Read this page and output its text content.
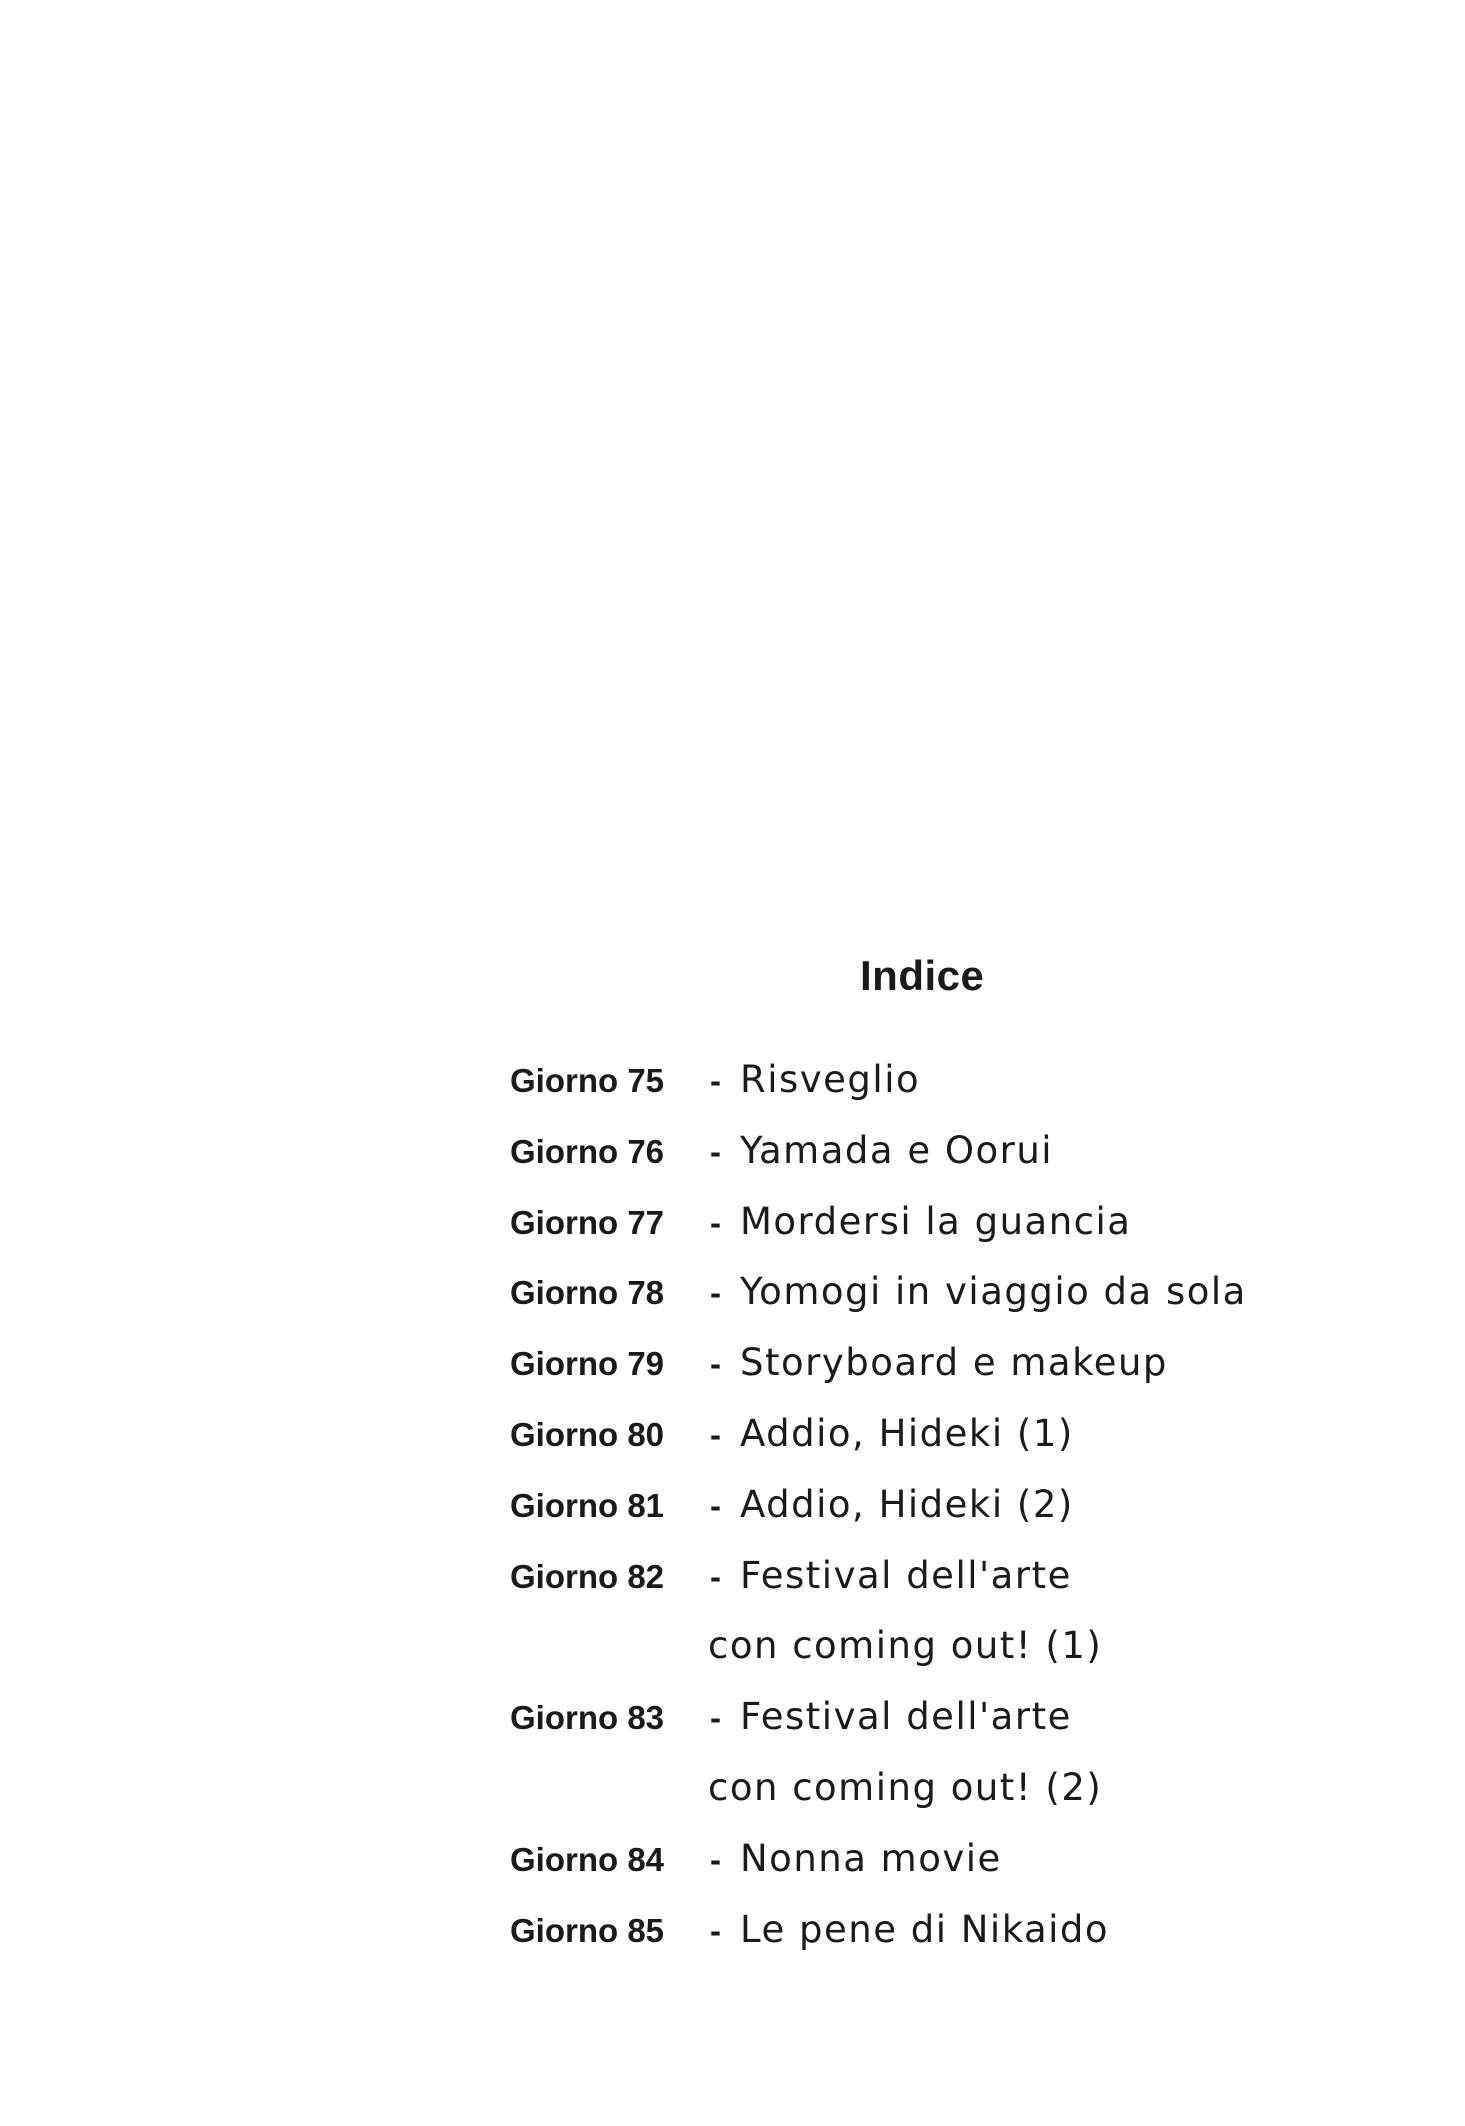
Indice
Giorno 75 - Risveglio
Giorno 76 - Yamada e Oorui
Giorno 77 - Mordersi la guancia
Giorno 78 - Yomogi in viaggio da sola
Giorno 79 - Storyboard e makeup
Giorno 80 - Addio, Hideki (1)
Giorno 81 - Addio, Hideki (2)
Giorno 82 - Festival dell'arte
con coming out! (1)
Giorno 83 - Festival dell'arte
con coming out! (2)
Giorno 84 - Nonna movie
Giorno 85 - Le pene di Nikaido
